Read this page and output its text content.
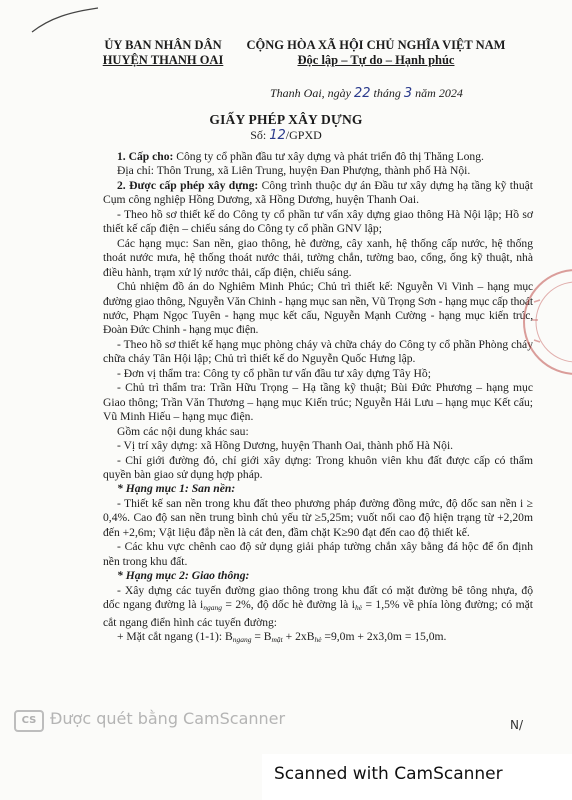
ỦY BAN NHÂN DÂN
HUYỆN THANH OAI
CỘNG HÒA XÃ HỘI CHỦ NGHĨA VIỆT NAM
Độc lập – Tự do – Hạnh phúc
Thanh Oai, ngày 22 tháng 3 năm 2024
GIẤY PHÉP XÂY DỰNG
Số: 12/GPXD

1. Cấp cho: Công ty cổ phần đầu tư xây dựng và phát triển đô thị Thăng Long.

Địa chỉ: Thôn Trung, xã Liên Trung, huyện Đan Phượng, thành phố Hà Nội.

2. Được cấp phép xây dựng: Công trình thuộc dự án Đầu tư xây dựng hạ tầng kỹ thuật Cụm công nghiệp Hồng Dương, xã Hồng Dương, huyện Thanh Oai.

- Theo hồ sơ thiết kế do Công ty cổ phần tư vấn xây dựng giao thông Hà Nội lập; Hồ sơ thiết kế cấp điện – chiếu sáng do Công ty cổ phần GNV lập;

Các hạng mục: San nền, giao thông, hè đường, cây xanh, hệ thống cấp nước, hệ thống thoát nước mưa, hệ thống thoát nước thải, tường chắn, tường bao, cổng, ống kỹ thuật, nhà điều hành, trạm xử lý nước thải, cấp điện, chiếu sáng.

Chủ nhiệm đồ án do Nghiêm Minh Phúc; Chủ trì thiết kế: Nguyễn Vi Vinh – hạng mục đường giao thông, Nguyễn Văn Chinh - hạng mục san nền, Vũ Trọng Sơn - hạng mục cấp thoát nước, Phạm Ngọc Tuyên - hạng mục kết cấu, Nguyễn Mạnh Cường - hạng mục kiến trúc, Đoàn Đức Chinh - hạng mục điện.

- Theo hồ sơ thiết kế hạng mục phòng cháy và chữa cháy do Công ty cổ phần Phòng cháy chữa cháy Tân Hội lập; Chủ trì thiết kế do Nguyễn Quốc Hưng lập.

- Đơn vị thẩm tra: Công ty cổ phần tư vấn đầu tư xây dựng Tây Hồ;

- Chủ trì thẩm tra: Trần Hữu Trọng – Hạ tầng kỹ thuật; Bùi Đức Phương – hạng mục Giao thông; Trần Văn Thương – hạng mục Kiến trúc; Nguyễn Hải Lưu – hạng mục Kết cấu; Vũ Minh Hiếu – hạng mục điện.

Gồm các nội dung khác sau:

- Vị trí xây dựng: xã Hồng Dương, huyện Thanh Oai, thành phố Hà Nội.

- Chỉ giới đường đỏ, chỉ giới xây dựng: Trong khuôn viên khu đất được cấp có thẩm quyền bàn giao sử dụng hợp pháp.

* Hạng mục 1: San nền:

- Thiết kế san nền trong khu đất theo phương pháp đường đồng mức, độ dốc san nền i ≥ 0,4%. Cao độ san nền trung bình chủ yếu từ ≥5,25m; vuốt nối cao độ hiện trạng từ +2,20m đến +2,6m; Vật liệu đắp nền là cát đen, đầm chặt K≥90 đạt đến cao độ thiết kế.

- Các khu vực chênh cao độ sử dụng giải pháp tường chắn xây bằng đá hộc để ổn định nền trong khu đất.

* Hạng mục 2: Giao thông:

- Xây dựng các tuyến đường giao thông trong khu đất có mặt đường bê tông nhựa, độ dốc ngang đường là $i_{ngang} = 2\%$, độ dốc hè đường là $i_{hè} = 1,5\%$ về phía lòng đường; có mặt cắt ngang điển hình các tuyến đường:

+ Mặt cắt ngang (1-1): $B_{ngang} = B_{mặt} + 2xB_{hè} =9,0m + 2x3,0m = 15,0m$.

CS Được quét bằng CamScanner	Ν/
Scanned with CamScanner
